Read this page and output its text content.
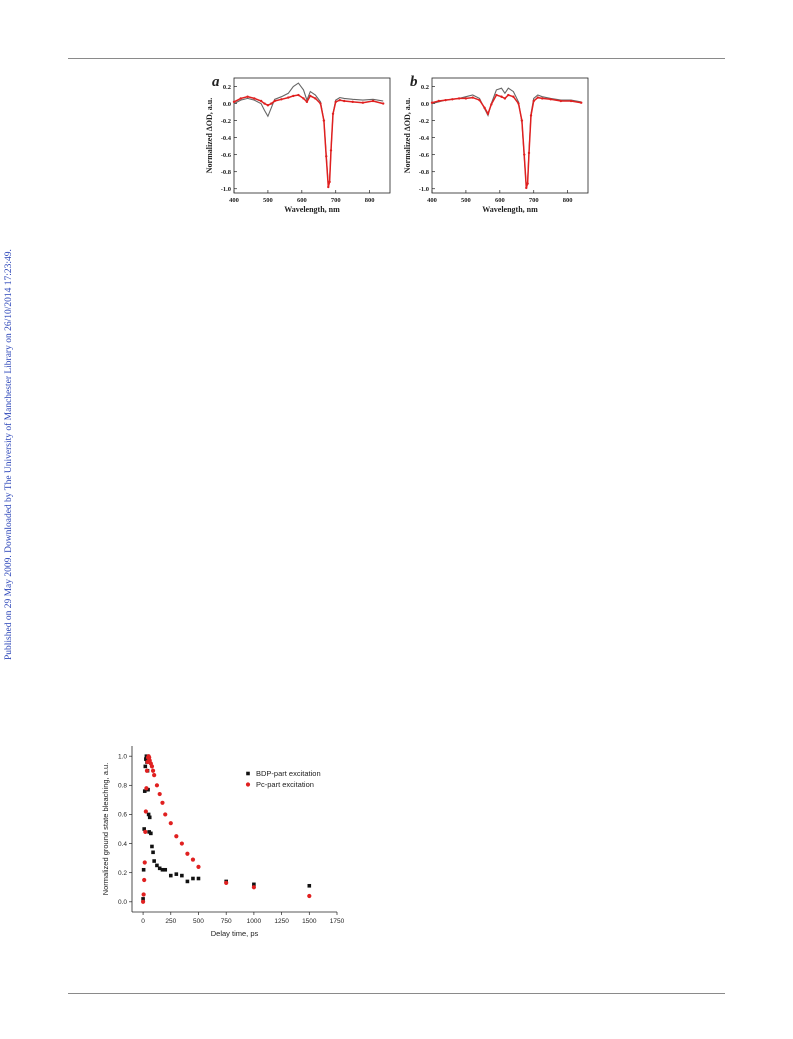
Published on 29 May 2009. Downloaded by The University of Manchester Library on 26/10/2014 17:23:49.
400	500	600	700	800
-1.0
-0.8
-0.6
-0.4
-0.2
0.0
0.2
Wavelength, nm
Normalized ΔOD, a.u.
a
400	500	600	700	800
-1.0
-0.8
-0.6
-0.4
-0.2
0.0
0.2
Wavelength, nm
Normalized ΔOD, a.u.
b
0	250	500	750 1000 1250 1500 1750
0.0
0.2
0.4
0.6
0.8
1.0
Delay time, ps
Normalized ground state bleaching, a.u.	BDP-part excitation
Pc-part excitation
